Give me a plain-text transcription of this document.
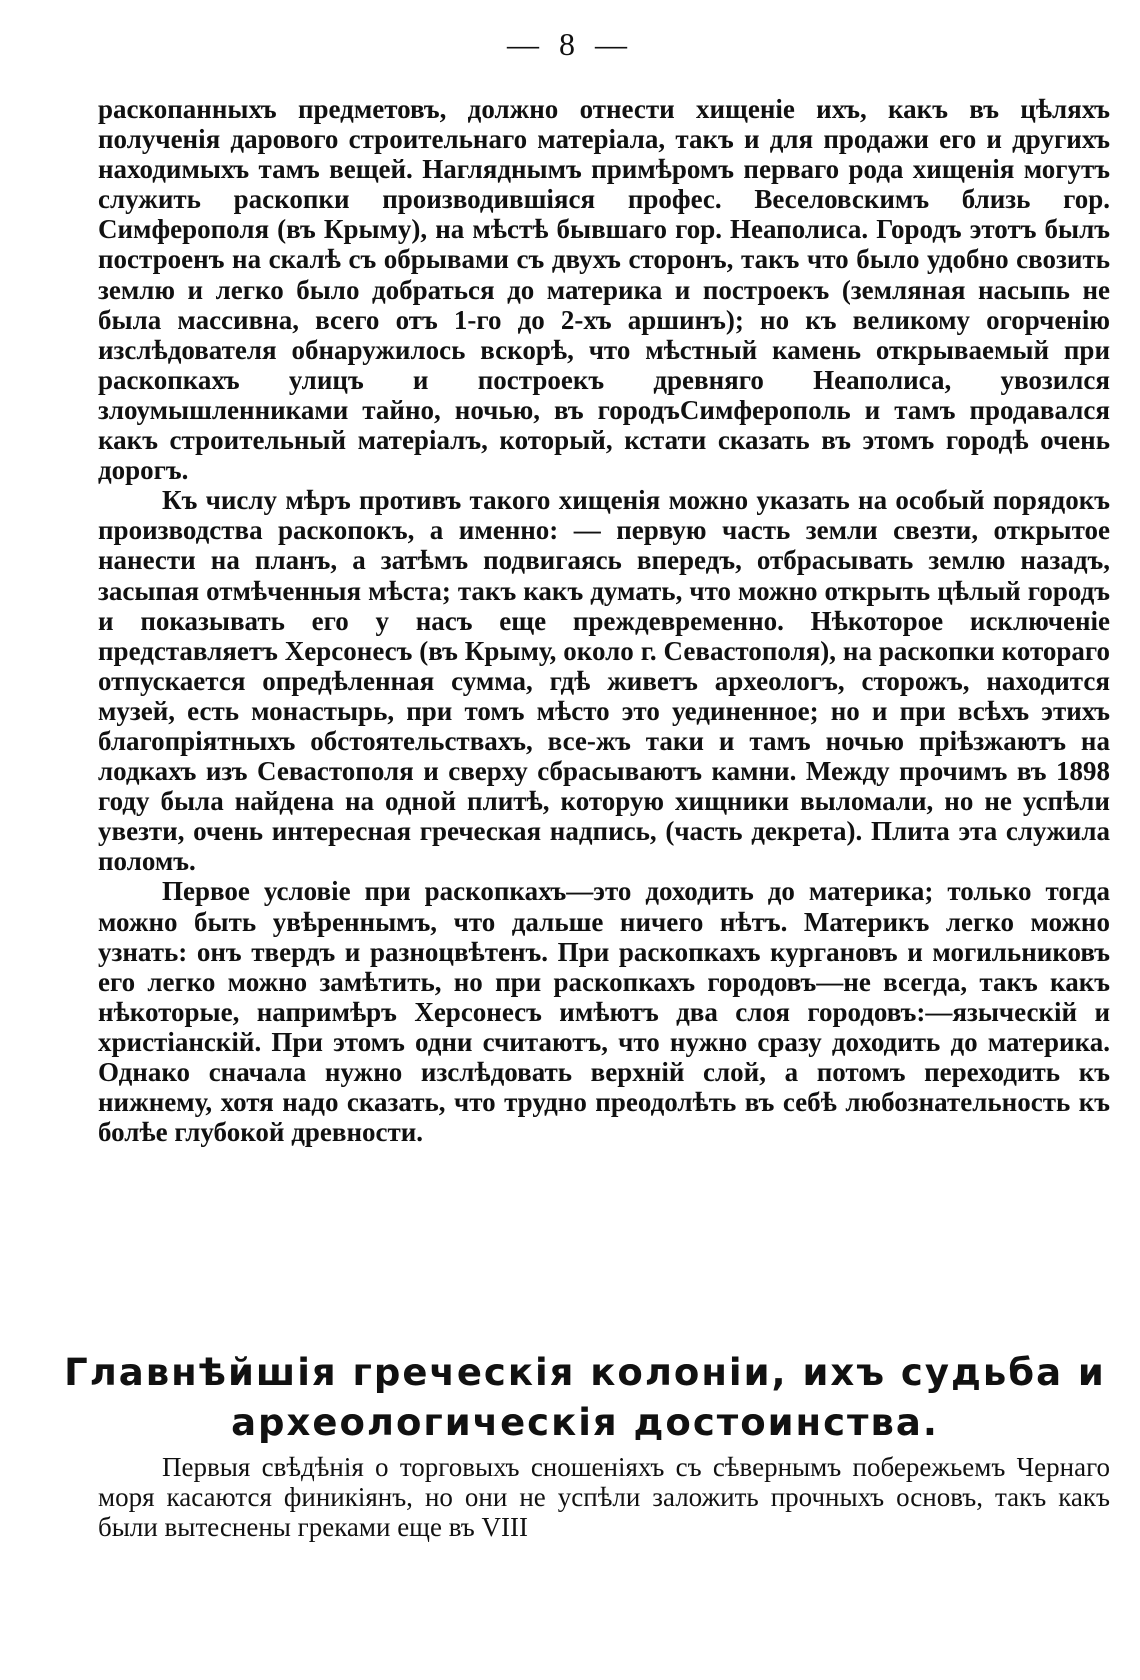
— 8 —

раскопанныхъ предметовъ, должно отнести хищеніе ихъ, какъ въ цѣляхъ полученія дарового строительнаго матеріала, такъ и для продажи его и другихъ находимыхъ тамъ вещей. Нагляднымъ примѣромъ перваго рода хищенія могутъ служить раскопки производившіяся профес. Веселовскимъ близь гор. Симферополя (въ Крыму), на мѣстѣ бывшаго гор. Неаполиса. Городъ этотъ былъ построенъ на скалѣ съ обрывами съ двухъ сторонъ, такъ что было удобно свозить землю и легко было добраться до материка и построекъ (земляная насыпь не была массивна, всего отъ 1-го до 2-хъ аршинъ); но къ великому огорченію изслѣдователя обнаружилось вскорѣ, что мѣстный камень открываемый при раскопкахъ улицъ и построекъ древняго Неаполиса, увозился злоумышленниками тайно, ночью, въ городъСимферополь и тамъ продавался какъ строительный матеріалъ, который, кстати сказать въ этомъ городѣ очень дорогъ.

Къ числу мѣръ противъ такого хищенія можно указать на особый порядокъ производства раскопокъ, а именно: — первую часть земли свезти, открытое нанести на планъ, а затѣмъ подвигаясь впередъ, отбрасывать землю назадъ, засыпая отмѣченныя мѣста; такъ какъ думать, что можно открыть цѣлый городъ и показывать его у насъ еще преждевременно. Нѣкоторое исключеніе представляетъ Херсонесъ (въ Крыму, около г. Севастополя), на раскопки котораго отпускается опредѣленная сумма, гдѣ живетъ археологъ, сторожъ, находится музей, есть монастырь, при томъ мѣсто это уединенное; но и при всѣхъ этихъ благопріятныхъ обстоятельствахъ, все-жъ таки и тамъ ночью пріѣзжаютъ на лодкахъ изъ Севастополя и сверху сбрасываютъ камни. Между прочимъ въ 1898 году была найдена на одной плитѣ, которую хищники выломали, но не успѣли увезти, очень интересная греческая надпись, (часть декрета). Плита эта служила поломъ.

Первое условіе при раскопкахъ—это доходить до материка; только тогда можно быть увѣреннымъ, что дальше ничего нѣтъ. Материкъ легко можно узнать: онъ твердъ и разноцвѣтенъ. При раскопкахъ кургановъ и могильниковъ его легко можно замѣтить, но при раскопкахъ городовъ—не всегда, такъ какъ нѣкоторые, напримѣръ Херсонесъ имѣютъ два слоя городовъ:—языческій и христіанскій. При этомъ одни считаютъ, что нужно сразу доходить до материка. Однако сначала нужно изслѣдовать верхній слой, а потомъ переходить къ нижнему, хотя надо сказать, что трудно преодолѣть въ себѣ любознательность къ болѣе глубокой древности.

Главнѣйшія греческія колоніи, ихъ судьба и археологическія достоинства.

Первыя свѣдѣнія о торговыхъ сношеніяхъ съ сѣвернымъ побережьемъ Чернаго моря касаются финикіянъ, но они не успѣли заложить прочныхъ основъ, такъ какъ были вытеснены греками еще въ VIII
